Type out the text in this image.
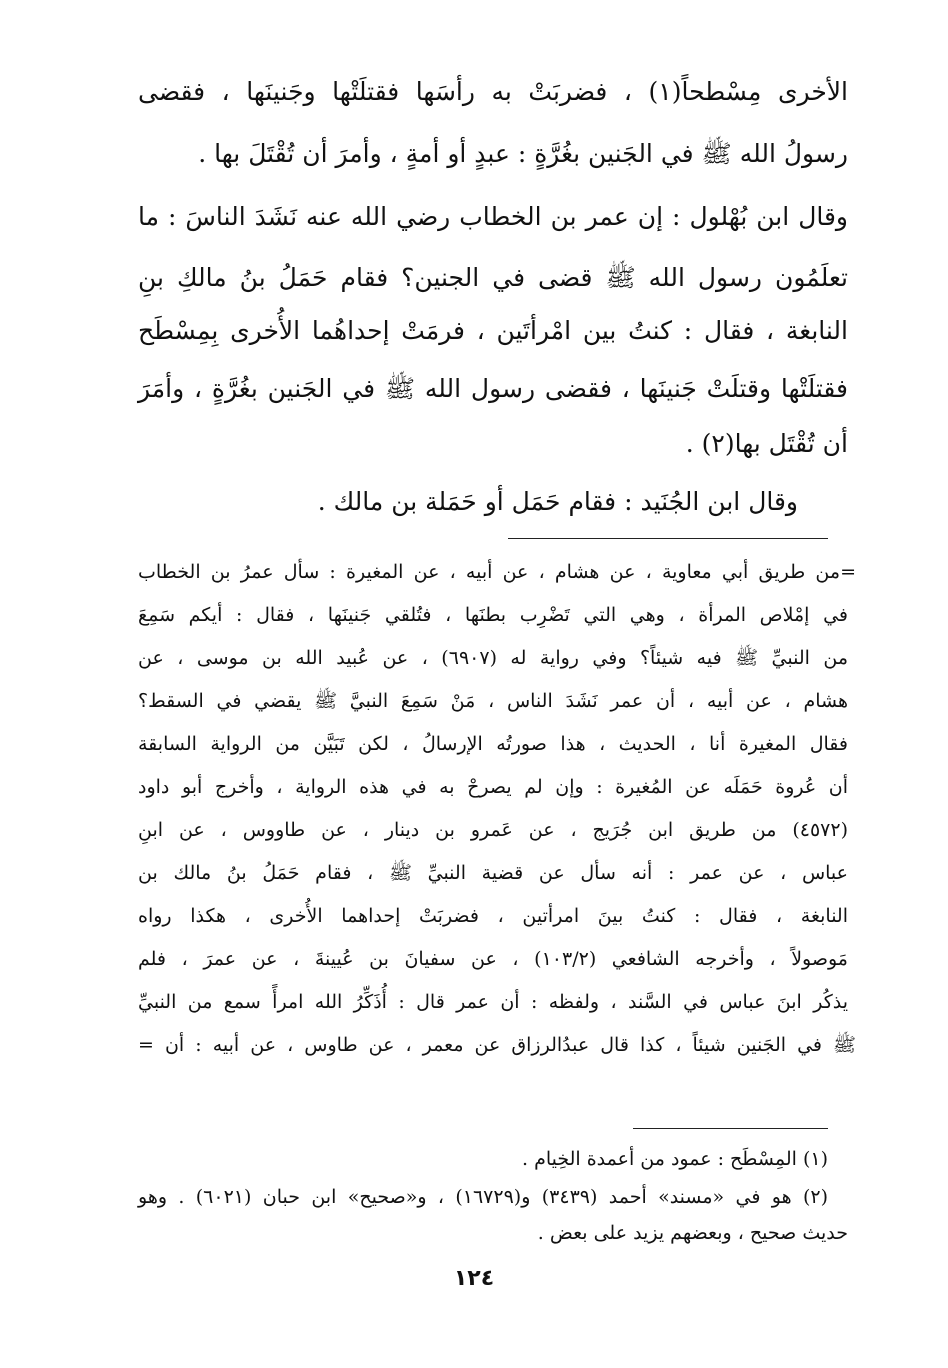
الأخرى مِسْطحاً(١) ، فضربَتْ به رأسَها فقتلَتْها وجَنينَها ، فقضى
رسولُ الله ﷺ في الجَنين بغُرَّةٍ : عبدٍ أو أمةٍ ، وأمرَ أن تُقْتَلَ بها .
وقال ابن بُهْلول : إن عمر بن الخطاب رضي الله عنه نَشَدَ الناسَ : ما
تعلَمُون رسول الله ﷺ قضى في الجنين؟ فقام حَمَلُ بنُ مالكِ بنِ
النابغة ، فقال : كنتُ بين امْرأتَين ، فرمَتْ إحداهُما الأُخرى بِمِسْطَح
فقتلَتْها وقتلَتْ جَنينَها ، فقضى رسول الله ﷺ في الجَنين بغُرَّةٍ ، وأمَرَ
أن تُقْتَل بها(٢) .
وقال ابن الجُنَيد : فقام حَمَل أو حَمَلة بن مالك .
=من طريق أبي معاوية ، عن هشام ، عن أبيه ، عن المغيرة : سأل عمرُ بن الخطاب
في إمْلاص المرأة ، وهي التي تَضْرِب بطنَها ، فتُلقي جَنينَها ، فقال : أيكم سَمِعَ
من النبيِّ ﷺ فيه شيئاً؟ وفي رواية له (٦٩٠٧) ، عن عُبيد الله بن موسى ، عن
هشام ، عن أبيه ، أن عمر نَشَدَ الناس ، مَنْ سَمِعَ النبيَّ ﷺ يقضي في السقط؟
فقال المغيرة أنا ، الحديث ، هذا صورتُه الإرسالُ ، لكن تَبَيَّن من الرواية السابقة
أن عُروة حَمَلَه عن المُغيرة : وإن لم يصرحْ به في هذه الرواية ، وأخرج أبو داود
(٤٥٧٢) من طريق ابن جُرَيج ، عن عَمرو بن دينار ، عن طاووس ، عن ابنِ
عباس ، عن عمر : أنه سأل عن قضية النبيِّ ﷺ ، فقام حَمَلُ بنُ مالك بن
النابغة ، فقال : كنتُ بينَ امرأتين ، فضربَتْ إحداهما الأُخرى ، هكذا رواه
مَوصولاً ، وأخرجه الشافعي (١٠٣/٢) ، عن سفيانَ بن عُيينةَ ، عن عمرَ ، فلم
يذكُر ابنَ عباس في السَّند ، ولفظه : أن عمر قال : أُذَكِّرُ الله امرأً سمع من النبيِّ
ﷺ في الجَنين شيئاً ، كذا قال عبدُالرزاق عن معمر ، عن طاوس ، عن أبيه : أن =
(١) المِسْطَح : عمود من أعمدة الخِيام .
(٢) هو في «مسند» أحمد (٣٤٣٩) و(١٦٧٢٩) ، و«صحيح» ابن حبان (٦٠٢١) . وهو
حديث صحيح ، وبعضهم يزيد على بعض .
١٢٤
